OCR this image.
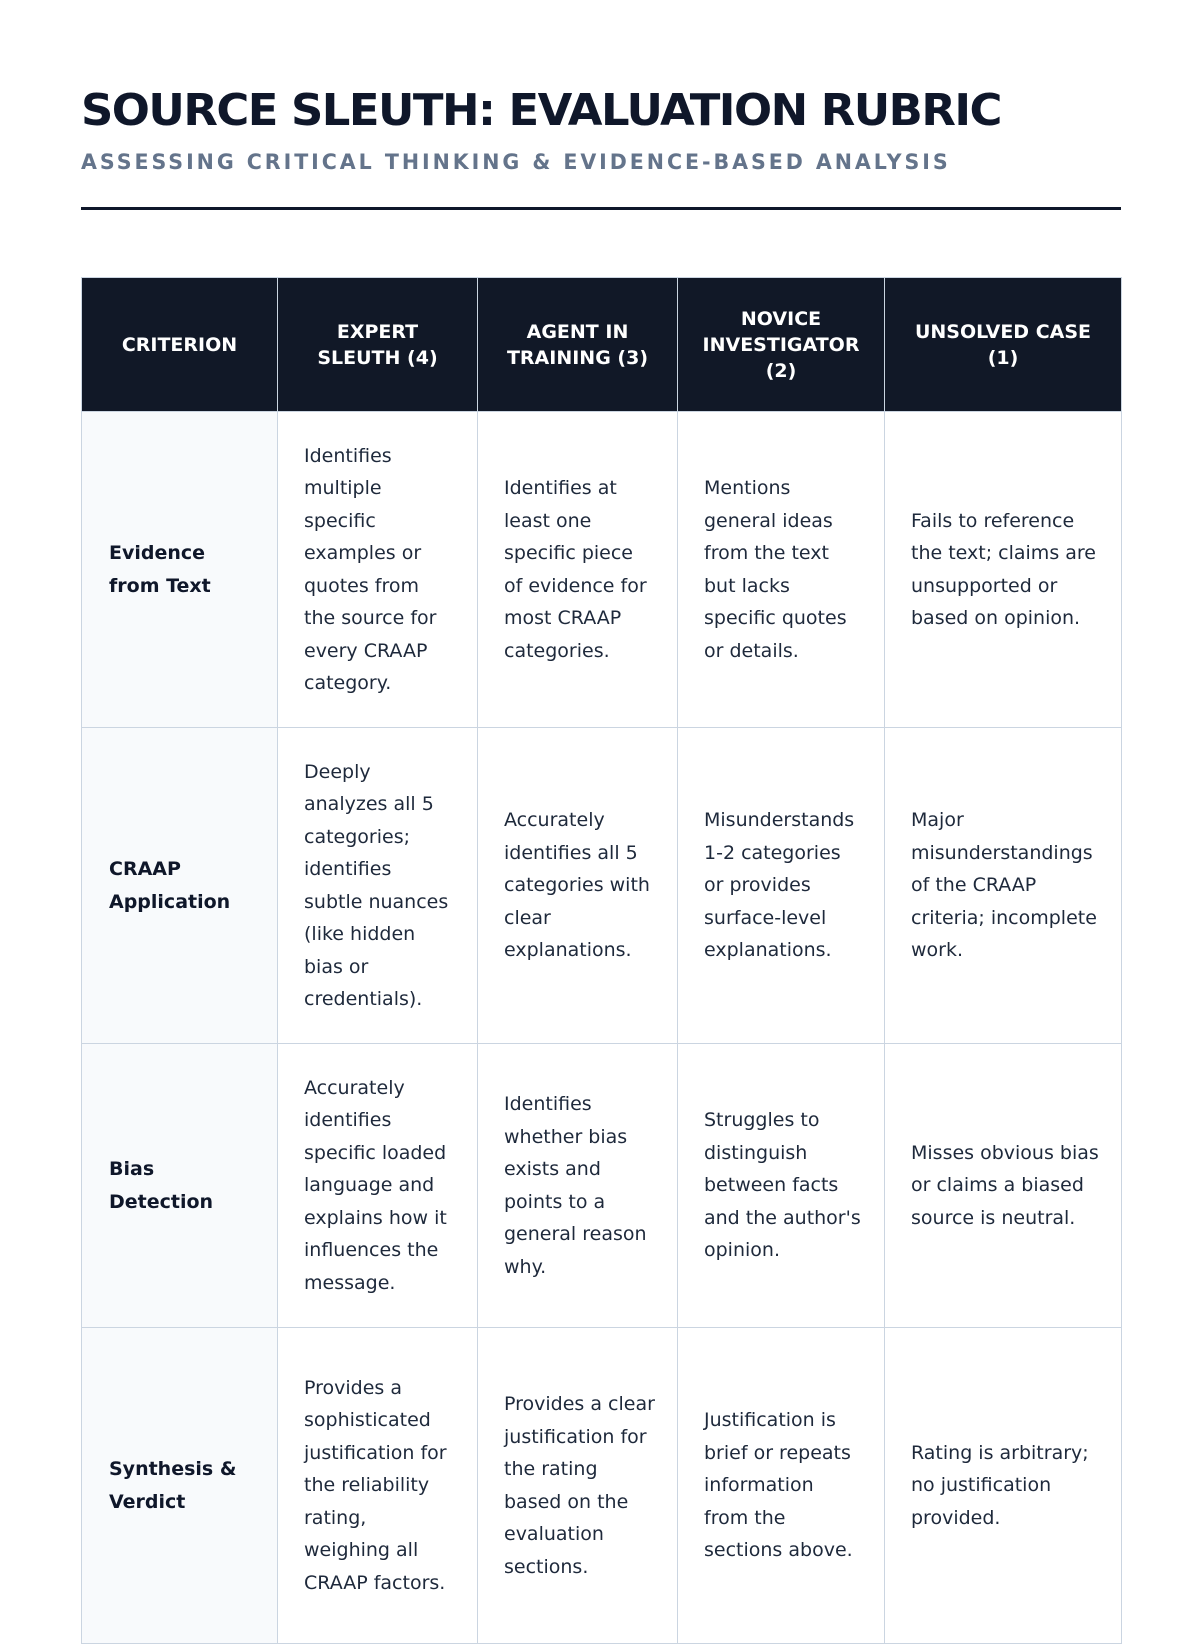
SOURCE SLEUTH: EVALUATION RUBRIC
ASSESSING CRITICAL THINKING & EVIDENCE-BASED ANALYSIS
CRITERION	EXPERT SLEUTH (4)	AGENT IN TRAINING (3)	NOVICE INVESTIGATOR (2)	UNSOLVED CASE (1)
Evidence from Text	Identifies multiple specific examples or quotes from the source for every CRAAP category.	Identifies at least one specific piece of evidence for most CRAAP categories.	Mentions general ideas from the text but lacks specific quotes or details.	Fails to reference the text; claims are unsupported or based on opinion.
CRAAP Application	Deeply analyzes all 5 categories; identifies subtle nuances (like hidden bias or credentials).	Accurately identifies all 5 categories with clear explanations.	Misunderstands 1-2 categories or provides surface-level explanations.	Major misunderstandings of the CRAAP criteria; incomplete work.
Bias Detection	Accurately identifies specific loaded language and explains how it influences the message.	Identifies whether bias exists and points to a general reason why.	Struggles to distinguish between facts and the author's opinion.	Misses obvious bias or claims a biased source is neutral.
Synthesis & Verdict	Provides a sophisticated justification for the reliability rating, weighing all CRAAP factors.	Provides a clear justification for the rating based on the evaluation sections.	Justification is brief or repeats information from the sections above.	Rating is arbitrary; no justification provided.
